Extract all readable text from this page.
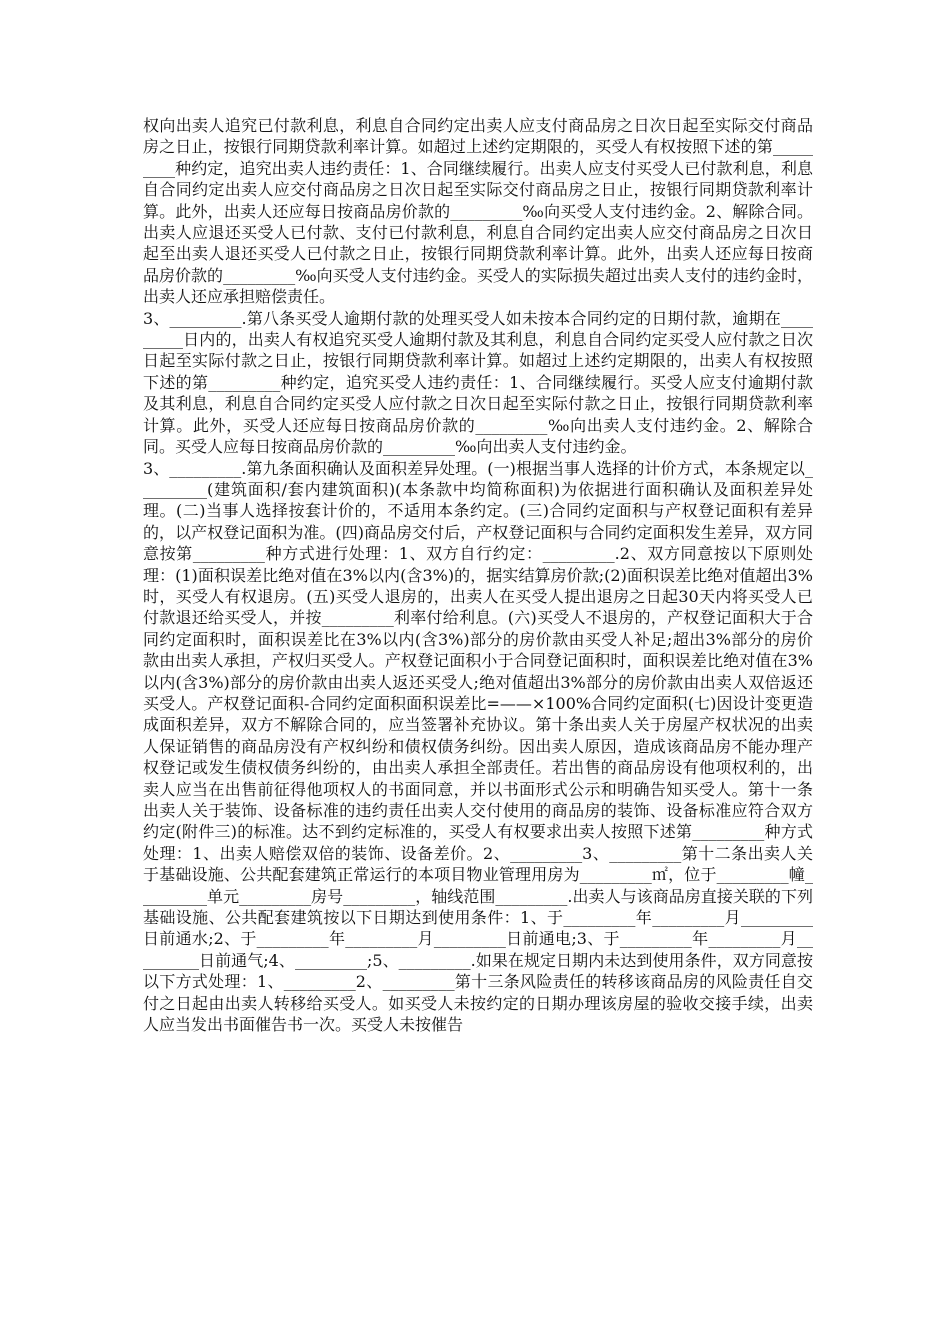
权向出卖人追究已付款利息，利息自合同约定出卖人应支付商品房之日次日起至实际交付商品房之日止，按银行同期贷款利率计算。如超过上述约定期限的，买受人有权按照下述的第_________种约定，追究出卖人违约责任：1、合同继续履行。出卖人应支付买受人已付款利息，利息自合同约定出卖人应交付商品房之日次日起至实际交付商品房之日止，按银行同期贷款利率计算。此外，出卖人还应每日按商品房价款的_________‰向买受人支付违约金。2、解除合同。出卖人应退还买受人已付款、支付已付款利息，利息自合同约定出卖人应交付商品房之日次日起至出卖人退还买受人已付款之日止，按银行同期贷款利率计算。此外，出卖人还应每日按商品房价款的_________‰向买受人支付违约金。买受人的实际损失超过出卖人支付的违约金时，出卖人还应承担赔偿责任。

3、_________.第八条买受人逾期付款的处理买受人如未按本合同约定的日期付款，逾期在_________日内的，出卖人有权追究买受人逾期付款及其利息，利息自合同约定买受人应付款之日次日起至实际付款之日止，按银行同期贷款利率计算。如超过上述约定期限的，出卖人有权按照下述的第_________种约定，追究买受人违约责任：1、合同继续履行。买受人应支付逾期付款及其利息，利息自合同约定买受人应付款之日次日起至实际付款之日止，按银行同期贷款利率计算。此外，买受人还应每日按商品房价款的_________‰向出卖人支付违约金。2、解除合同。买受人应每日按商品房价款的_________‰向出卖人支付违约金。

3、_________.第九条面积确认及面积差异处理。(一)根据当事人选择的计价方式，本条规定以_________(建筑面积/套内建筑面积)(本条款中均简称面积)为依据进行面积确认及面积差异处理。(二)当事人选择按套计价的，不适用本条约定。(三)合同约定面积与产权登记面积有差异的，以产权登记面积为准。(四)商品房交付后，产权登记面积与合同约定面积发生差异，双方同意按第_________种方式进行处理：1、双方自行约定：_________.2、双方同意按以下原则处理：(1)面积误差比绝对值在3%以内(含3%)的，据实结算房价款;(2)面积误差比绝对值超出3%时，买受人有权退房。(五)买受人退房的，出卖人在买受人提出退房之日起30天内将买受人已付款退还给买受人，并按_________利率付给利息。(六)买受人不退房的，产权登记面积大于合同约定面积时，面积误差比在3%以内(含3%)部分的房价款由买受人补足;超出3%部分的房价款由出卖人承担，产权归买受人。产权登记面积小于合同登记面积时，面积误差比绝对值在3%以内(含3%)部分的房价款由出卖人返还买受人;绝对值超出3%部分的房价款由出卖人双倍返还买受人。产权登记面积-合同约定面积面积误差比=——×100%合同约定面积(七)因设计变更造成面积差异，双方不解除合同的，应当签署补充协议。第十条出卖人关于房屋产权状况的出卖人保证销售的商品房没有产权纠纷和债权债务纠纷。因出卖人原因，造成该商品房不能办理产权登记或发生债权债务纠纷的，由出卖人承担全部责任。若出售的商品房设有他项权利的，出卖人应当在出售前征得他项权人的书面同意，并以书面形式公示和明确告知买受人。第十一条出卖人关于装饰、设备标准的违约责任出卖人交付使用的商品房的装饰、设备标准应符合双方约定(附件三)的标准。达不到约定标准的，买受人有权要求出卖人按照下述第_________种方式处理：1、出卖人赔偿双倍的装饰、设备差价。2、_________3、_________第十二条出卖人关于基础设施、公共配套建筑正常运行的本项目物业管理用房为_________㎡，位于_________幢_________单元_________房号_________，轴线范围_________.出卖人与该商品房直接关联的下列基础设施、公共配套建筑按以下日期达到使用条件：1、于_________年_________月_________日前通水;2、于_________年_________月_________日前通电;3、于_________年_________月_________日前通气;4、_________;5、_________.如果在规定日期内未达到使用条件，双方同意按以下方式处理：1、_________2、_________第十三条风险责任的转移该商品房的风险责任自交付之日起由出卖人转移给买受人。如买受人未按约定的日期办理该房屋的验收交接手续，出卖人应当发出书面催告书一次。买受人未按催告
